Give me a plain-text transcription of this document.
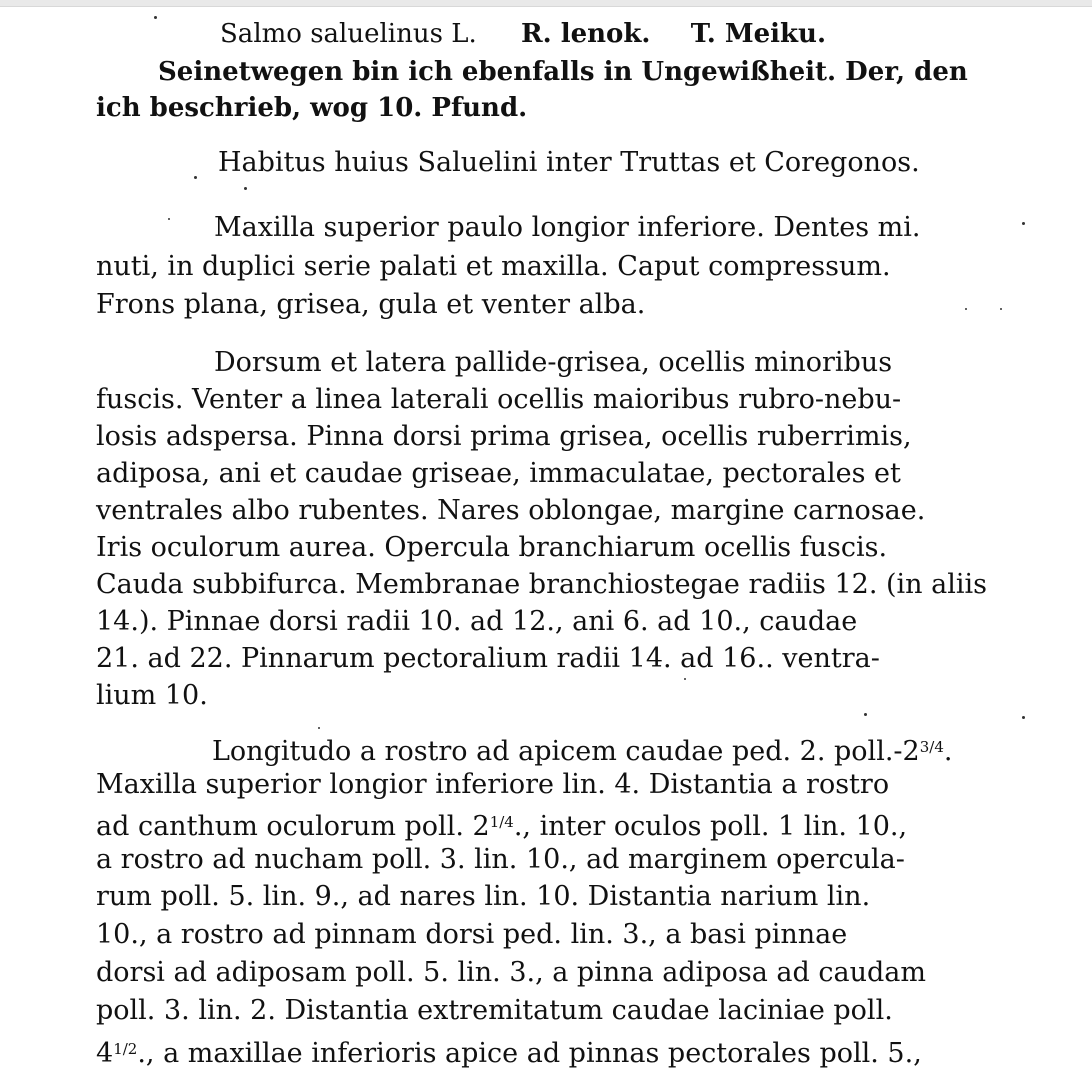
Salmo saluelinus L. R. lenok. T. Meiku.
Seinetwegen bin ich ebenfalls in Ungewißheit. Der, den
ich beschrieb, wog 10. Pfund.
Habitus huius Saluelini inter Truttas et Coregonos.
Maxilla superior paulo longior inferiore. Dentes mi.
nuti, in duplici serie palati et maxilla. Caput compressum.
Frons plana, grisea, gula et venter alba.
Dorsum et latera pallide-grisea, ocellis minoribus
fuscis. Venter a linea laterali ocellis maioribus rubro-nebu-
losis adspersa. Pinna dorsi prima grisea, ocellis ruberrimis,
adiposa, ani et caudae griseae, immaculatae, pectorales et
ventrales albo rubentes. Nares oblongae, margine carnosae.
Iris oculorum aurea. Opercula branchiarum ocellis fuscis.
Cauda subbifurca. Membranae branchiostegae radiis 12. (in aliis
14.). Pinnae dorsi radii 10. ad 12., ani 6. ad 10., caudae
21. ad 22. Pinnarum pectoralium radii 14. ad 16.. ventra-
lium 10.
Longitudo a rostro ad apicem caudae ped. 2. $poll.-2^{3/4}$.
Maxilla superior longior inferiore lin. 4. Distantia a rostro
ad canthum oculorum poll. $2^{1/4}$., inter oculos poll. 1 lin. 10.,
a rostro ad nucham poll. 3. lin. 10., ad marginem opercula-
rum poll. 5. lin. 9., ad nares lin. 10. Distantia narium lin.
10., a rostro ad pinnam dorsi ped. lin. 3., a basi pinnae
dorsi ad adiposam poll. 5. lin. 3., a pinna adiposa ad caudam
poll. 3. lin. 2. Distantia extremitatum caudae laciniae poll.
$4^{1/2}$., a maxillae inferioris apice ad pinnas pectorales poll. 5.,
